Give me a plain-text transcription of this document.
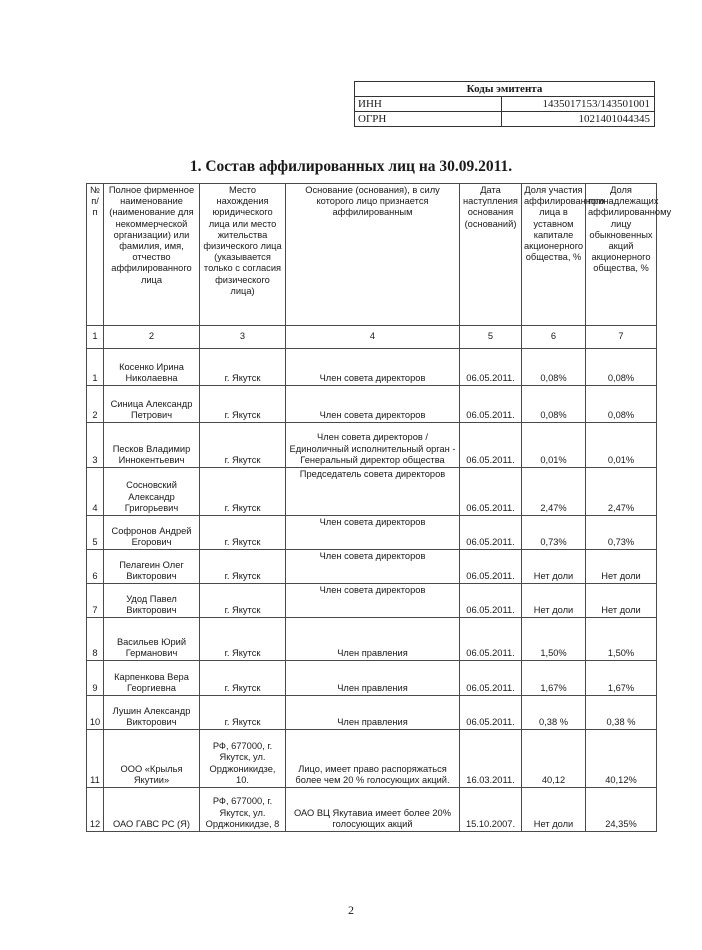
Коды эмитента	
ИНН	1435017153/143501001
ОГРН	1021401044345
1. Состав аффилированных лиц на 30.09.2011.
№ п/п	Полное фирменное наименование (наименование для некоммерческой организации) или фамилия, имя, отчество аффилированного лица	Место нахождения юридического лица или место жительства физического лица (указывается только с согласия физического лица)	Основание (основания), в силу которого лицо признается аффилированным	Дата наступления основания (оснований)	Доля участия аффилированного лица в уставном капитале акционерного общества, %	Доля принадлежащих аффилированному лицу обыкновенных акций акционерного общества, %
1	2	3	4	5	6	7
1	Косенко Ирина Николаевна	г. Якутск	Член совета директоров	06.05.2011.	0,08%	0,08%
2	Синица Александр Петрович	г. Якутск	Член совета директоров	06.05.2011.	0,08%	0,08%
3	Песков Владимир Иннокентьевич	г. Якутск	Член совета директоров / Единоличный исполнительный орган - Генеральный директор общества	06.05.2011.	0,01%	0,01%
4	Сосновский Александр Григорьевич	г. Якутск	Председатель совета директоров	06.05.2011.	2,47%	2,47%
5	Софронов Андрей Егорович	г. Якутск	Член совета директоров	06.05.2011.	0,73%	0,73%
6	Пелагеин Олег Викторович	г. Якутск	Член совета директоров	06.05.2011.	Нет доли	Нет доли
7	Удод Павел Викторович	г. Якутск	Член совета директоров	06.05.2011.	Нет доли	Нет доли
8	Васильев Юрий Германович	г. Якутск	Член правления	06.05.2011.	1,50%	1,50%
9	Карпенкова Вера Георгиевна	г. Якутск	Член правления	06.05.2011.	1,67%	1,67%
10	Лушин Александр Викторович	г. Якутск	Член правления	06.05.2011.	0,38 %	0,38 %
11	ООО «Крылья Якутии»	РФ, 677000, г. Якутск, ул. Орджоникидзе, 10.	Лицо, имеет право распоряжаться более чем 20 % голосующих акций.	16.03.2011.	40,12	40,12%
12	ОАО ГАВС РС (Я)	РФ, 677000, г. Якутск, ул. Орджоникидзе, 8	ОАО ВЦ Якутавиа имеет более 20% голосующих акций	15.10.2007.	Нет доли	24,35%
2
